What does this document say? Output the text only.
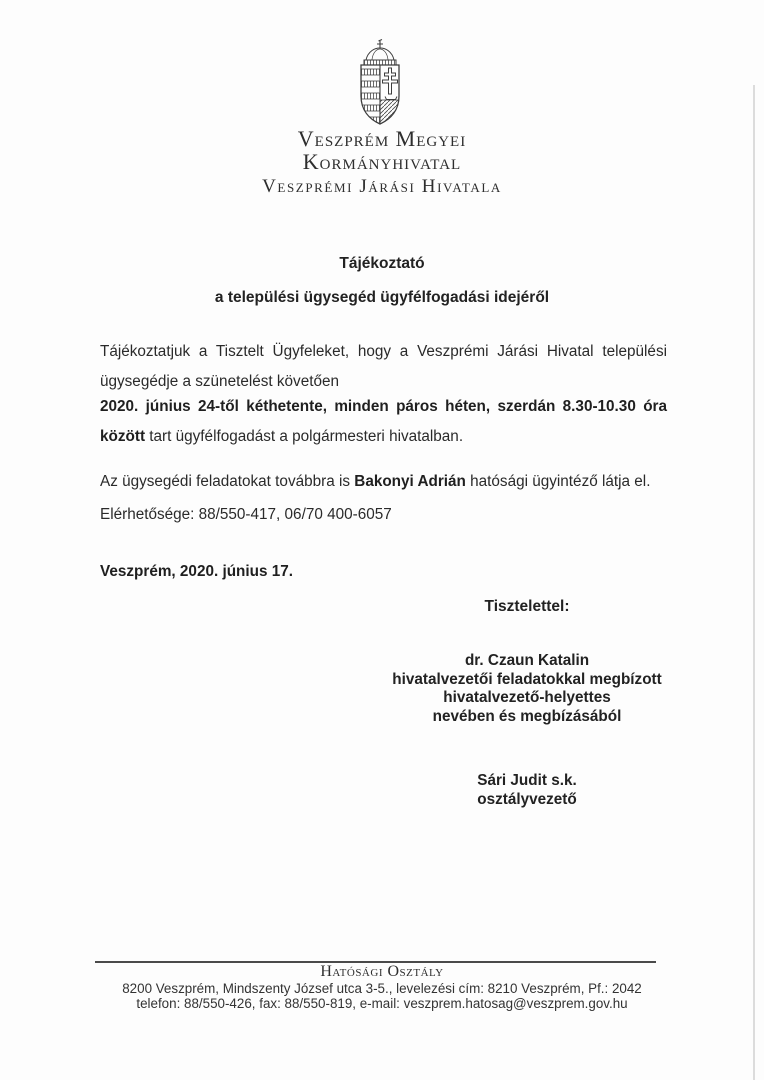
Veszprém Megyei
Kormányhivatal
Veszprémi Járási Hivatala
Tájékoztató
a települési ügysegéd ügyfélfogadási idejéről
Tájékoztatjuk a Tisztelt Ügyfeleket, hogy a Veszprémi Járási Hivatal települési
ügysegédje a szünetelést követően
2020. június 24-től kéthetente, minden páros héten, szerdán 8.30-10.30 óra
között tart ügyfélfogadást a polgármesteri hivatalban.
Az ügysegédi feladatokat továbbra is Bakonyi Adrián hatósági ügyintéző látja el.
Elérhetősége: 88/550-417, 06/70 400-6057
Veszprém, 2020. június 17.
Tisztelettel:
dr. Czaun Katalin
hivatalvezetői feladatokkal megbízott
hivatalvezető-helyettes
nevében és megbízásából
Sári Judit s.k.
osztályvezető
Hatósági Osztály
8200 Veszprém, Mindszenty József utca 3-5., levelezési cím: 8210 Veszprém, Pf.: 2042
telefon: 88/550-426, fax: 88/550-819, e-mail: veszprem.hatosag@veszprem.gov.hu
